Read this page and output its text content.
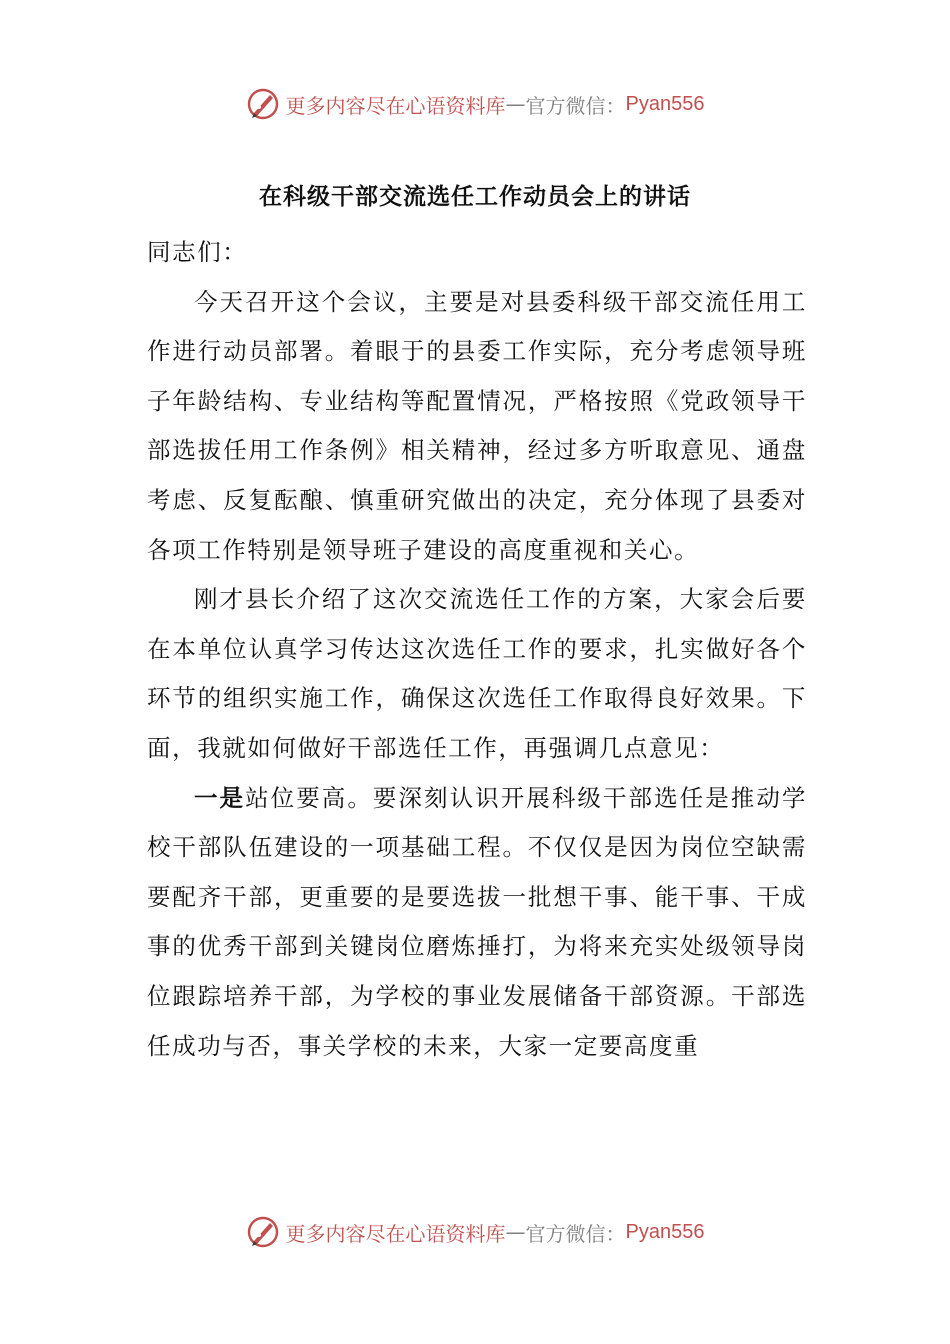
更多内容尽在心语资料库 — 官方微信： Pyan556
在科级干部交流选任工作动员会上的讲话

同志们：

今天召开这个会议，主要是对县委科级干部交流任用工作进行动员部署。着眼于的县委工作实际，充分考虑领导班子年龄结构、专业结构等配置情况，严格按照《党政领导干部选拔任用工作条例》相关精神，经过多方听取意见、通盘考虑、反复酝酿、慎重研究做出的决定，充分体现了县委对各项工作特别是领导班子建设的高度重视和关心。

刚才县长介绍了这次交流选任工作的方案，大家会后要在本单位认真学习传达这次选任工作的要求，扎实做好各个环节的组织实施工作，确保这次选任工作取得良好效果。下面，我就如何做好干部选任工作，再强调几点意见：

一是站位要高。要深刻认识开展科级干部选任是推动学校干部队伍建设的一项基础工程。不仅仅是因为岗位空缺需要配齐干部，更重要的是要选拔一批想干事、能干事、干成事的优秀干部到关键岗位磨炼捶打，为将来充实处级领导岗位跟踪培养干部，为学校的事业发展储备干部资源。干部选任成功与否，事关学校的未来，大家一定要高度重

更多内容尽在心语资料库 — 官方微信： Pyan556
